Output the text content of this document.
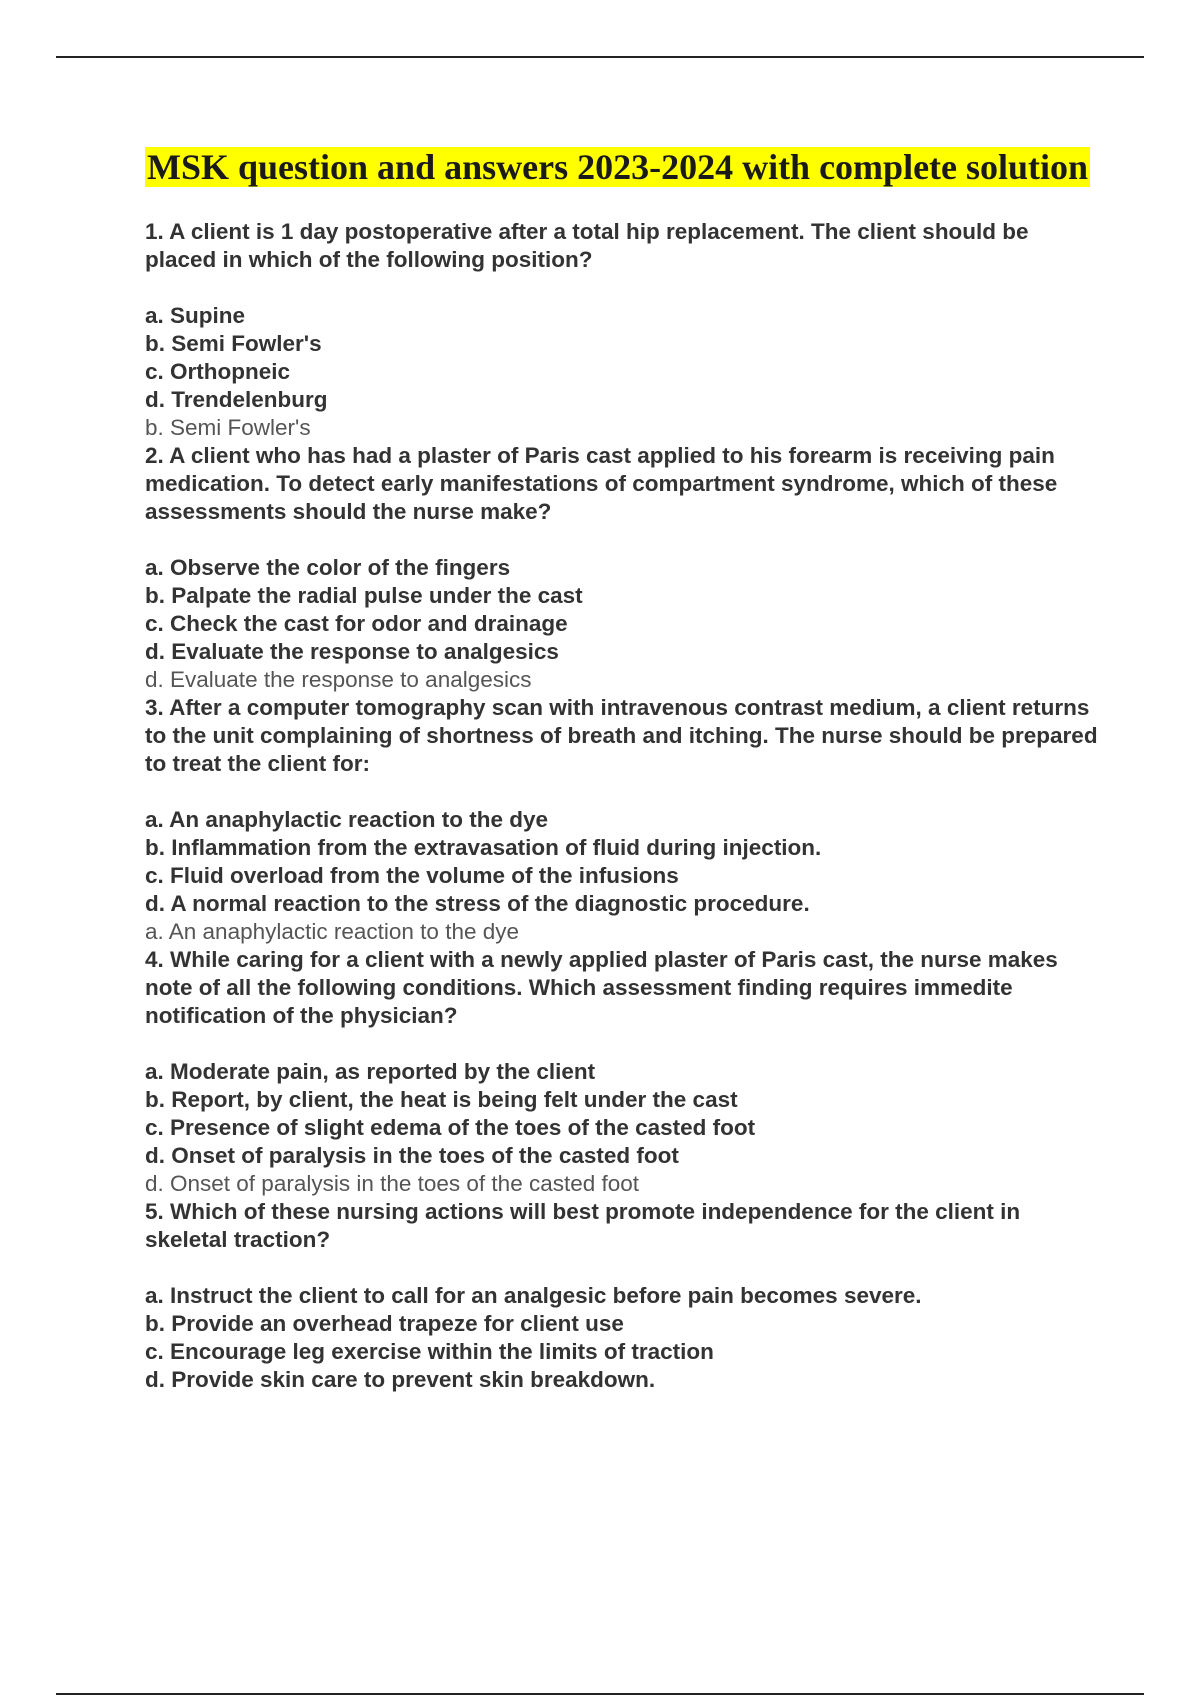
MSK question and answers 2023-2024 with complete solution

1. A client is 1 day postoperative after a total hip replacement. The client should be placed in which of the following position?

a. Supine

b. Semi Fowler's

c. Orthopneic

d. Trendelenburg

b. Semi Fowler's

2. A client who has had a plaster of Paris cast applied to his forearm is receiving pain medication. To detect early manifestations of compartment syndrome, which of these assessments should the nurse make?

a. Observe the color of the fingers

b. Palpate the radial pulse under the cast

c. Check the cast for odor and drainage

d. Evaluate the response to analgesics

d. Evaluate the response to analgesics

3. After a computer tomography scan with intravenous contrast medium, a client returns to the unit complaining of shortness of breath and itching. The nurse should be prepared to treat the client for:

a. An anaphylactic reaction to the dye

b. Inflammation from the extravasation of fluid during injection.

c. Fluid overload from the volume of the infusions

d. A normal reaction to the stress of the diagnostic procedure.

a. An anaphylactic reaction to the dye

4. While caring for a client with a newly applied plaster of Paris cast, the nurse makes note of all the following conditions. Which assessment finding requires immedite notification of the physician?

a. Moderate pain, as reported by the client

b. Report, by client, the heat is being felt under the cast

c. Presence of slight edema of the toes of the casted foot

d. Onset of paralysis in the toes of the casted foot

d. Onset of paralysis in the toes of the casted foot

5. Which of these nursing actions will best promote independence for the client in skeletal traction?

a. Instruct the client to call for an analgesic before pain becomes severe.

b. Provide an overhead trapeze for client use

c. Encourage leg exercise within the limits of traction

d. Provide skin care to prevent skin breakdown.
